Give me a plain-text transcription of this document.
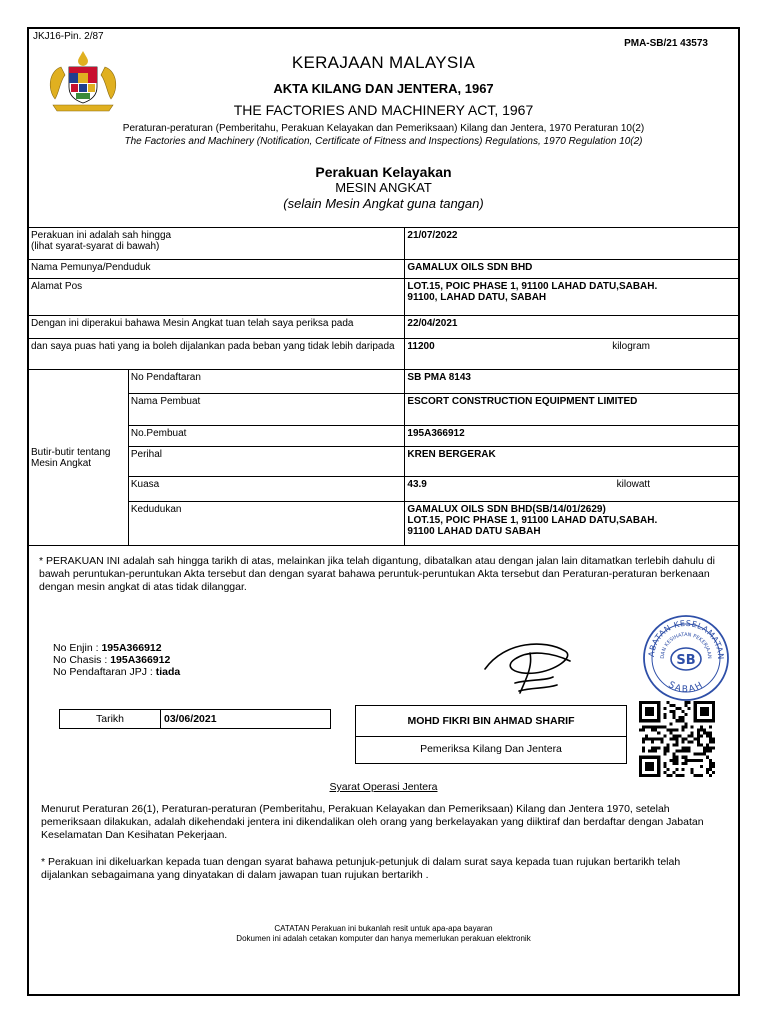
JKJ16-Pin. 2/87
PMA-SB/21 43573
KERAJAAN MALAYSIA
AKTA KILANG DAN JENTERA, 1967
THE FACTORIES AND MACHINERY ACT, 1967
Peraturan-peraturan (Pemberitahu, Perakuan Kelayakan dan Pemeriksaan) Kilang dan Jentera, 1970 Peraturan 10(2)
The Factories and Machinery (Notification, Certificate of Fitness and Inspections) Regulations, 1970 Regulation 10(2)
Perakuan Kelayakan
MESIN ANGKAT
(selain Mesin Angkat guna tangan)
Perakuan ini adalah sah hingga
(lihat syarat-syarat di bawah)		21/07/2022
Nama Pemunya/Penduduk		GAMALUX OILS SDN BHD
Alamat Pos		LOT.15, POIC PHASE 1, 91100 LAHAD DATU,SABAH.
91100, LAHAD DATU, SABAH
Dengan ini diperakui bahawa Mesin Angkat tuan telah saya periksa pada		22/04/2021
dan saya puas hati yang ia boleh dijalankan pada beban yang tidak lebih daripada		11200 kilogram

Butir-butir tentang Mesin Angkat	No Pendaftaran	SB PMA 8143
	Nama Pembuat	ESCORT CONSTRUCTION EQUIPMENT LIMITED
	No.Pembuat	195A366912
	Perihal	KREN BERGERAK
	Kuasa	43.9 kilowatt

	Kedudukan	GAMALUX OILS SDN BHD(SB/14/01/2629)
LOT.15, POIC PHASE 1, 91100 LAHAD DATU,SABAH.
91100 LAHAD DATU SABAH
* PERAKUAN INI adalah sah hingga tarikh di atas, melainkan jika telah digantung, dibatalkan atau dengan jalan lain ditamatkan terlebih dahulu di bawah peruntukan-peruntukan Akta tersebut dan dengan syarat bahawa peruntuk-peruntukan Akta tersebut dan Peraturan-peraturan berkenaan dengan mesin angkat di atas tidak dilanggar.
No Enjin : 195A366912
No Chasis : 195A366912
No Pendaftaran JPJ : tiada
ABATAN KESELAMATAN
DAN KESIHATAN PEKERJAAN
SB
SABAH
Tarikh	03/06/2021	MOHD FIKRI BIN AHMAD SHARIF
Pemeriksa Kilang Dan Jentera
Syarat Operasi Jentera
Menurut Peraturan 26(1), Peraturan-peraturan (Pemberitahu, Perakuan Kelayakan dan Pemeriksaan) Kilang dan Jentera 1970, setelah pemeriksaan dilakukan, adalah dikehendaki jentera ini dikendalikan oleh orang yang berkelayakan yang diiktiraf dan berdaftar dengan Jabatan Keselamatan Dan Kesihatan Pekerjaan.
* Perakuan ini dikeluarkan kepada tuan dengan syarat bahawa petunjuk-petunjuk di dalam surat saya kepada tuan rujukan bertarikh telah dijalankan sebagaimana yang dinyatakan di dalam jawapan tuan rujukan bertarikh .
CATATAN Perakuan ini bukanlah resit untuk apa-apa bayaran
Dokumen ini adalah cetakan komputer dan hanya memerlukan perakuan elektronik
